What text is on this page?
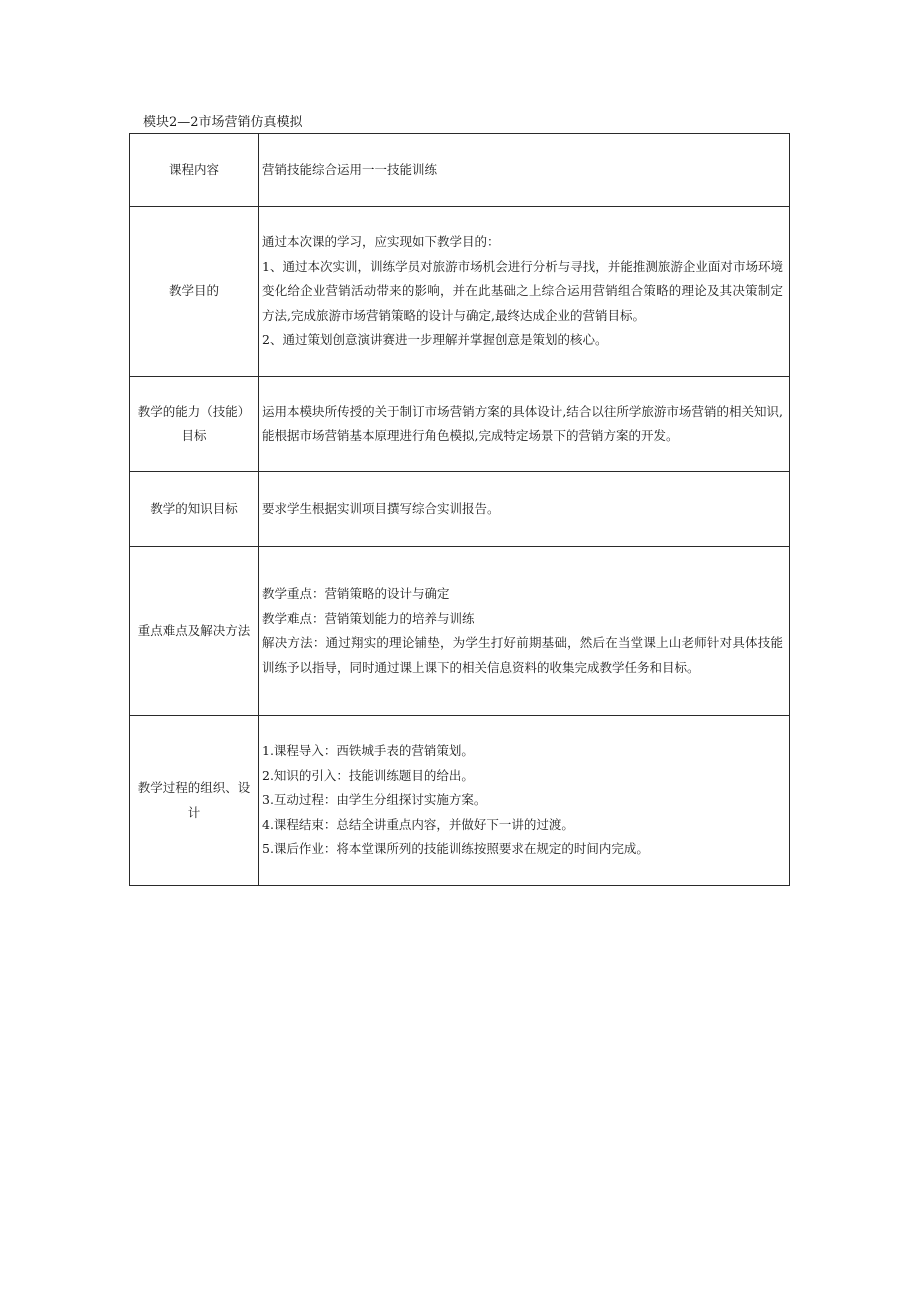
模块2—2市场营销仿真模拟
课程内容	营销技能综合运用一一技能训练

教学目的	通过本次课的学习，应实现如下教学目的：
1、通过本次实训，训练学员对旅游市场机会进行分析与寻找，并能推测旅游企业面对市场环境变化给企业营销活动带来的影响，并在此基础之上综合运用营销组合策略的理论及其决策制定方法,完成旅游市场营销策略的设计与确定,最终达成企业的营销目标。
2、通过策划创意演讲赛进一步理解并掌握创意是策划的核心。

教学的能力（技能）目标	运用本模块所传授的关于制订市场营销方案的具体设计,结合以往所学旅游市场营销的相关知识,能根据市场营销基本原理进行角色模拟,完成特定场景下的营销方案的开发。

教学的知识目标	要求学生根据实训项目撰写综合实训报告。

重点难点及解决方法	教学重点：营销策略的设计与确定
教学难点：营销策划能力的培养与训练
解决方法：通过翔实的理论铺垫，为学生打好前期基础，然后在当堂课上山老师针对具体技能训练予以指导，同时通过课上课下的相关信息资料的收集完成教学任务和目标。

教学过程的组织、设计	1.课程导入：西铁城手表的营销策划。
2.知识的引入：技能训练题目的给出。
3.互动过程：由学生分组探讨实施方案。
4.课程结束：总结全讲重点内容，并做好下一讲的过渡。
5.课后作业：将本堂课所列的技能训练按照要求在规定的时间内完成。
